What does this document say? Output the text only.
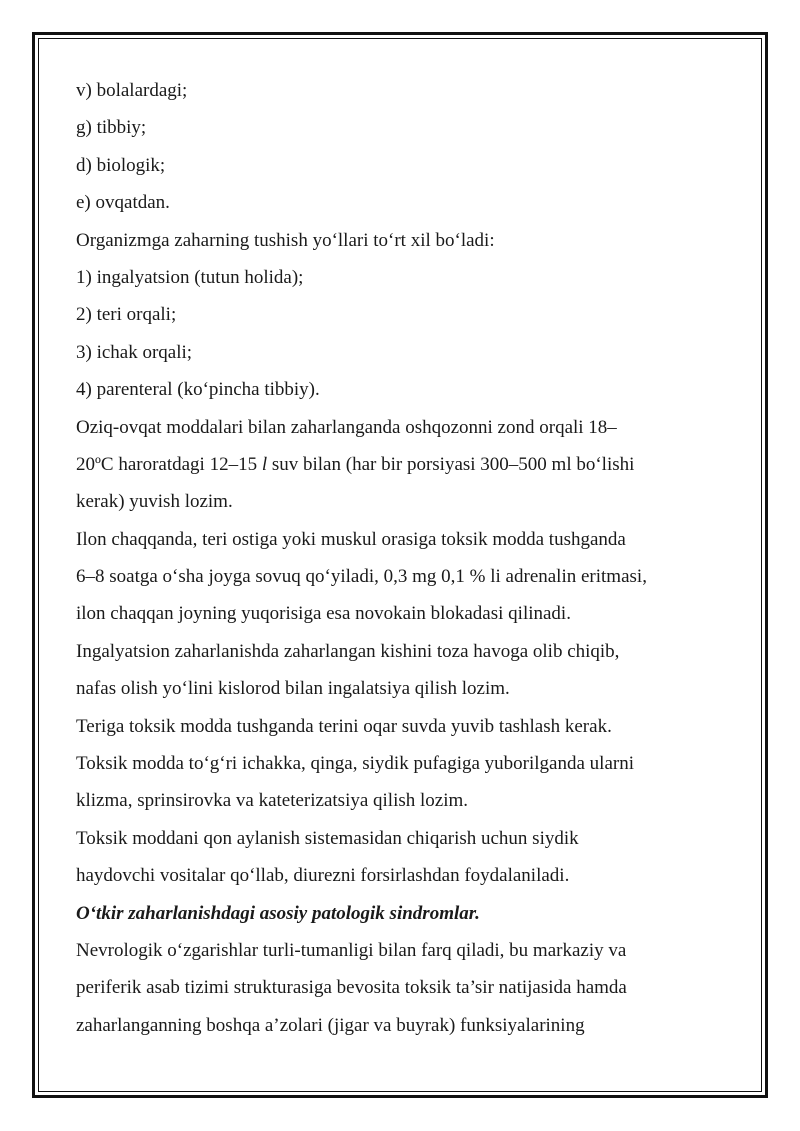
v) bolalardagi;
g) tibbiy;
d) biologik;
e) ovqatdan.
Organizmga zaharning tushish yo‘llari to‘rt xil bo‘ladi:
1) ingalyatsion (tutun holida);
2) teri orqali;
3) ichak orqali;
4) parenteral (ko‘pincha tibbiy).
Oziq-ovqat moddalari bilan zaharlanganda oshqozonni zond orqali 18–
20ºC haroratdagi 12–15 l suv bilan (har bir porsiyasi 300–500 ml bo‘lishi
kerak) yuvish lozim.
Ilon chaqqanda, teri ostiga yoki muskul orasiga toksik modda tushganda
6–8 soatga o‘sha joyga sovuq qo‘yiladi, 0,3 mg 0,1 % li adrenalin eritmasi,
ilon chaqqan joyning yuqorisiga esa novokain blokadasi qilinadi.
Ingalyatsion zaharlanishda zaharlangan kishini toza havoga olib chiqib,
nafas olish yo‘lini kislorod bilan ingalatsiya qilish lozim.
Teriga toksik modda tushganda terini oqar suvda yuvib tashlash kerak.
Toksik modda to‘g‘ri ichakka, qinga, siydik pufagiga yuborilganda ularni
klizma, sprinsirovka va kateterizatsiya qilish lozim.
Toksik moddani qon aylanish sistemasidan chiqarish uchun siydik
haydovchi vositalar qo‘llab, diurezni forsirlashdan foydalaniladi.
O‘tkir zaharlanishdagi asosiy patologik sindromlar.
Nevrologik o‘zgarishlar turli-tumanligi bilan farq qiladi, bu markaziy va
periferik asab tizimi strukturasiga bevosita toksik ta’sir natijasida hamda
zaharlanganning boshqa a’zolari (jigar va buyrak) funksiyalarining
